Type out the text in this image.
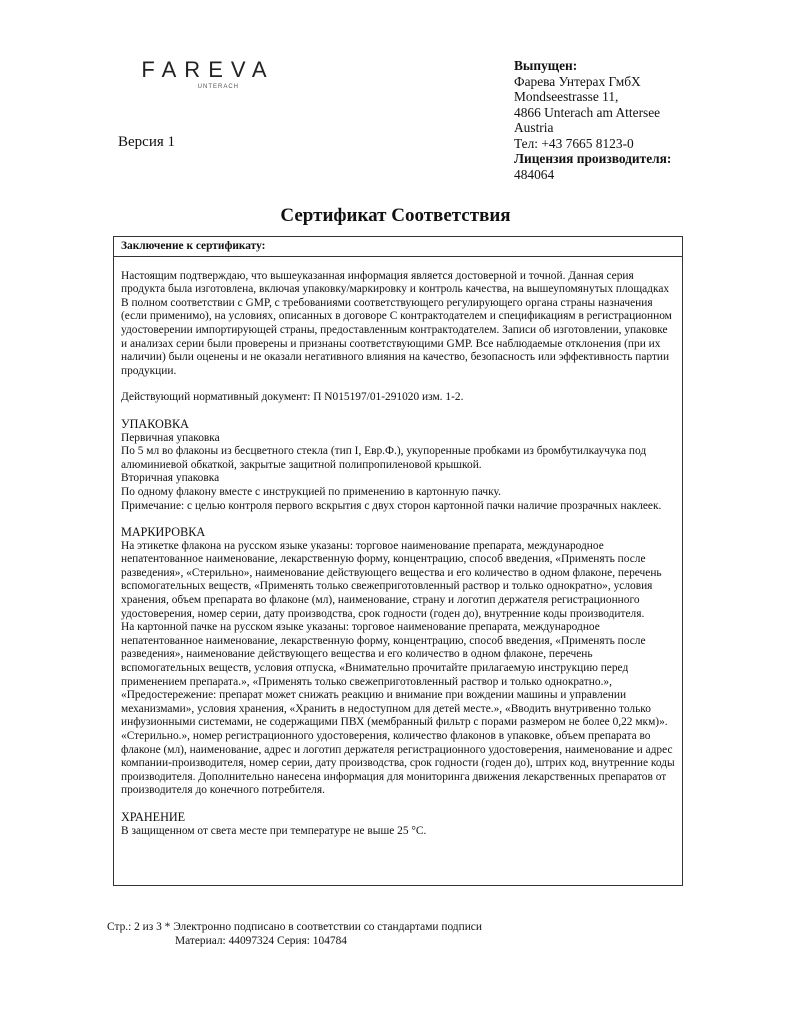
FAREVA
UNTERACH
Версия 1
Выпущен:
Фарева Унтерах ГмбХ
Mondseestrasse 11,
4866 Unterach am Attersee
Austria
Тел: +43 7665 8123-0
Лицензия производителя:
484064
Сертификат Соответствия
Заключение к сертификату:

Настоящим подтверждаю, что вышеуказанная информация является достоверной и точной. Данная серия продукта была изготовлена, включая упаковку/маркировку и контроль качества, на вышеупомянутых площадках В полном соответствии с GMP, с требованиями соответствующего регулирующего органа страны назначения (если применимо), на условиях, описанных в договоре С контрактодателем и спецификациям в регистрационном удостоверении импортирующей страны, предоставленным контрактодателем. Записи об изготовлении, упаковке и анализах серии были проверены и признаны соответствующими GMP. Все наблюдаемые отклонения (при их наличии) были оценены и не оказали негативного влияния на качество, безопасность или эффективность партии продукции.

Действующий нормативный документ: П N015197/01-291020 изм. 1-2.

УПАКОВКА

Первичная упаковка

По 5 мл во флаконы из бесцветного стекла (тип I, Евр.Ф.), укупоренные пробками из бромбутилкаучука под алюминиевой обкаткой, закрытые защитной полипропиленовой крышкой.

Вторичная упаковка

По одному флакону вместе с инструкцией по применению в картонную пачку.

Примечание: с целью контроля первого вскрытия с двух сторон картонной пачки наличие прозрачных наклеек.

МАРКИРОВКА

На этикетке флакона на русском языке указаны: торговое наименование препарата, международное непатентованное наименование, лекарственную форму, концентрацию, способ введения, «Применять после разведения», «Стерильно», наименование действующего вещества и его количество в одном флаконе, перечень вспомогательных веществ, «Применять только свежеприготовленный раствор и только однократно», условия хранения, объем препарата во флаконе (мл), наименование, страну и логотип держателя регистрационного удостоверения, номер серии, дату производства, срок годности (годен до), внутренние коды производителя.

На картонной пачке на русском языке указаны: торговое наименование препарата, международное непатентованное наименование, лекарственную форму, концентрацию, способ введения, «Применять после разведения», наименование действующего вещества и его количество в одном флаконе, перечень вспомогательных веществ, условия отпуска, «Внимательно прочитайте прилагаемую инструкцию перед применением препарата.», «Применять только свежеприготовленный раствор и только однократно.», «Предостережение: препарат может снижать реакцию и внимание при вождении машины и управлении механизмами», условия хранения, «Хранить в недоступном для детей месте.», «Вводить внутривенно только инфузионными системами, не содержащими ПВХ (мембранный фильтр с порами размером не более 0,22 мкм)».

«Стерильно.», номер регистрационного удостоверения, количество флаконов в упаковке, объем препарата во флаконе (мл), наименование, адрес и логотип держателя регистрационного удостоверения, наименование и адрес компании-производителя, номер серии, дату производства, срок годности (годен до), штрих код, внутренние коды производителя. Дополнительно нанесена информация для мониторинга движения лекарственных препаратов от производителя до конечного потребителя.

ХРАНЕНИЕ

В защищенном от света месте при температуре не выше 25 °С.

Стр.: 2 из 3 * Электронно подписано в соответствии со стандартами подписи
Материал: 44097324 Серия: 104784
